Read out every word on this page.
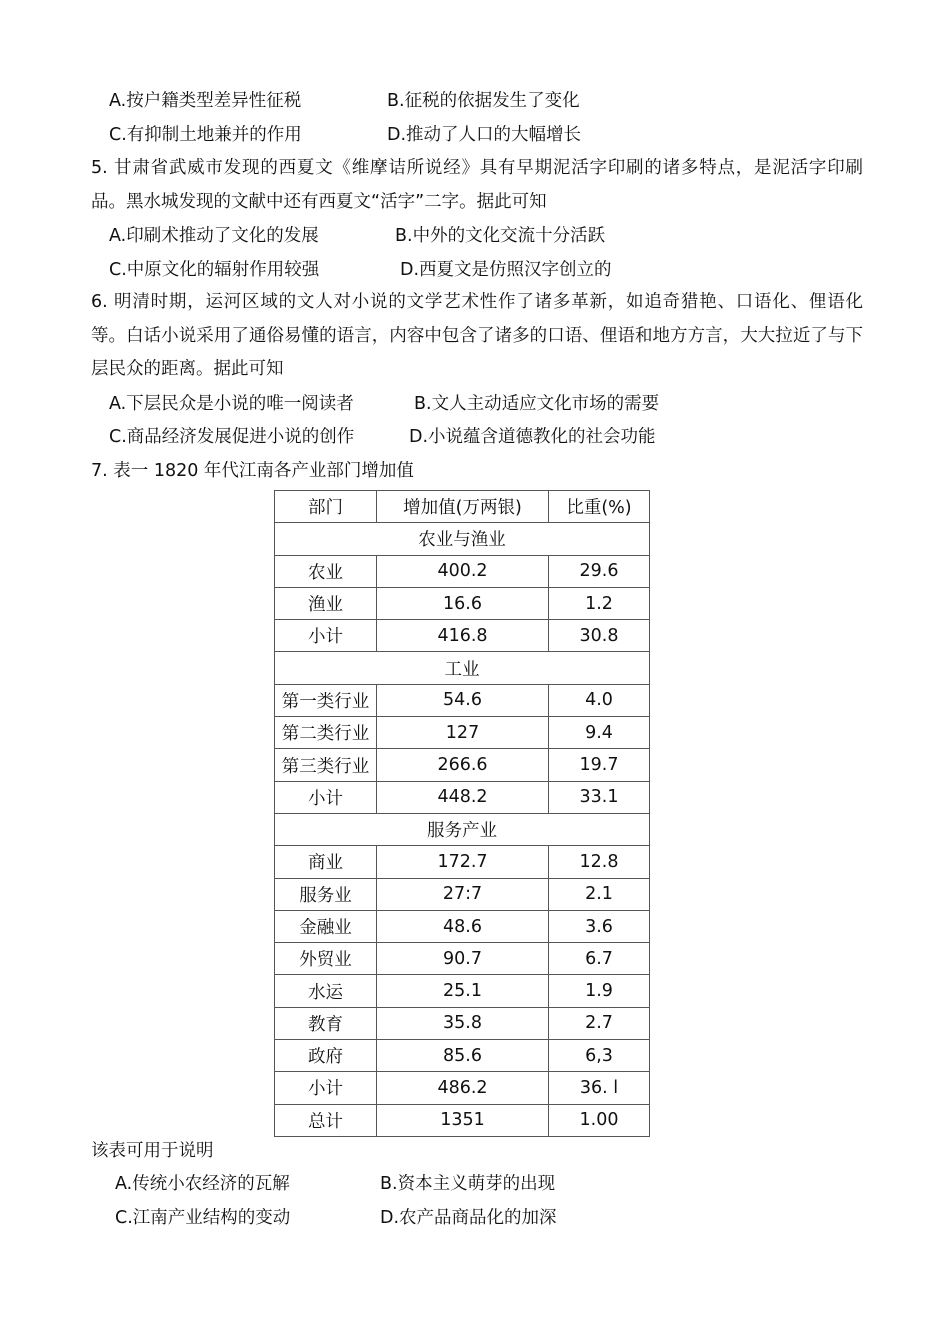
A.按户籍类型差异性征税	B.征税的依据发生了变化
C.有抑制土地兼并的作用	D.推动了人口的大幅增长
5. 甘肃省武威市发现的西夏文《维摩诘所说经》具有早期泥活字印刷的诸多特点，是泥活字印刷品。黑水城发现的文献中还有西夏文“活字”二字。据此可知
A.印刷术推动了文化的发展	B.中外的文化交流十分活跃
C.中原文化的辐射作用较强	D.西夏文是仿照汉字创立的
6. 明清时期，运河区域的文人对小说的文学艺术性作了诸多革新，如追奇猎艳、口语化、俚语化等。白话小说采用了通俗易懂的语言，内容中包含了诸多的口语、俚语和地方方言，大大拉近了与下层民众的距离。据此可知
A.下层民众是小说的唯一阅读者	B.文人主动适应文化市场的需要
C.商品经济发展促进小说的创作	D.小说蕴含道德教化的社会功能
7. 表一 1820 年代江南各产业部门增加值
部门	增加值(万两银)	比重(%)
农业与渔业		
农业	400.2	29.6
渔业	16.6	1.2
小计	416.8	30.8
工业		
第一类行业	54.6	4.0
第二类行业	127	9.4
第三类行业	266.6	19.7
小计	448.2	33.1
服务产业		
商业	172.7	12.8
服务业	27:7	2.1
金融业	48.6	3.6
外贸业	90.7	6.7
水运	25.1	1.9
教育	35.8	2.7
政府	85.6	6,3
小计	486.2	36. l
总计	1351	1.00
该表可用于说明
A.传统小农经济的瓦解	B.资本主义萌芽的出现
C.江南产业结构的变动	D.农产品商品化的加深
